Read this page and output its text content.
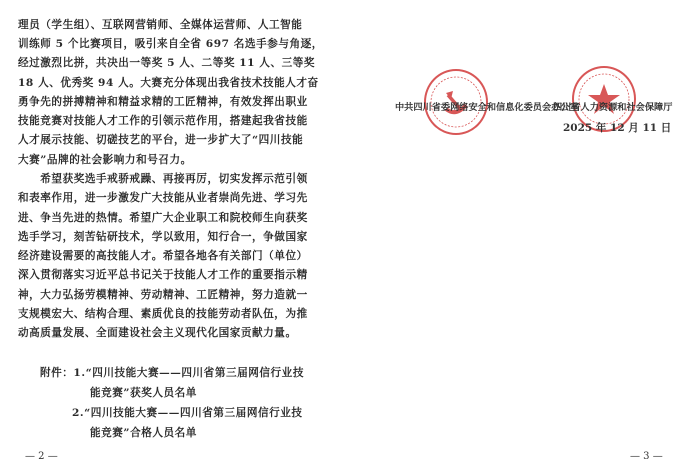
理员（学生组）、互联网营销师、全媒体运营师、人工智能
训练师 5 个比赛项目，吸引来自全省 697 名选手参与角逐，
经过激烈比拼，共决出一等奖 5 人、二等奖 11 人、三等奖
18 人、优秀奖 94 人。大赛充分体现出我省技术技能人才奋
勇争先的拼搏精神和精益求精的工匠精神，有效发挥出职业
技能竞赛对技能人才工作的引领示范作用，搭建起我省技能
人才展示技能、切磋技艺的平台，进一步扩大了“四川技能
大赛”品牌的社会影响力和号召力。
　　希望获奖选手戒骄戒躁、再接再厉，切实发挥示范引领
和表率作用，进一步激发广大技能从业者崇尚先进、学习先
进、争当先进的热情。希望广大企业职工和院校师生向获奖
选手学习，刻苦钻研技术，学以致用，知行合一，争做国家
经济建设需要的高技能人才。希望各地各有关部门（单位）
深入贯彻落实习近平总书记关于技能人才工作的重要指示精
神，大力弘扬劳模精神、劳动精神、工匠精神，努力造就一
支规模宏大、结构合理、素质优良的技能劳动者队伍，为推
动高质量发展、全面建设社会主义现代化国家贡献力量。
附件：1.“四川技能大赛——四川省第三届网信行业技
能竞赛”获奖人员名单
2.“四川技能大赛——四川省第三届网信行业技
能竞赛”合格人员名单
— 2 —
中共四川省委网络安全和信息化委员会办公室
四川省人力资源和社会保障厅
2025 年 12 月 11 日
— 3 —
